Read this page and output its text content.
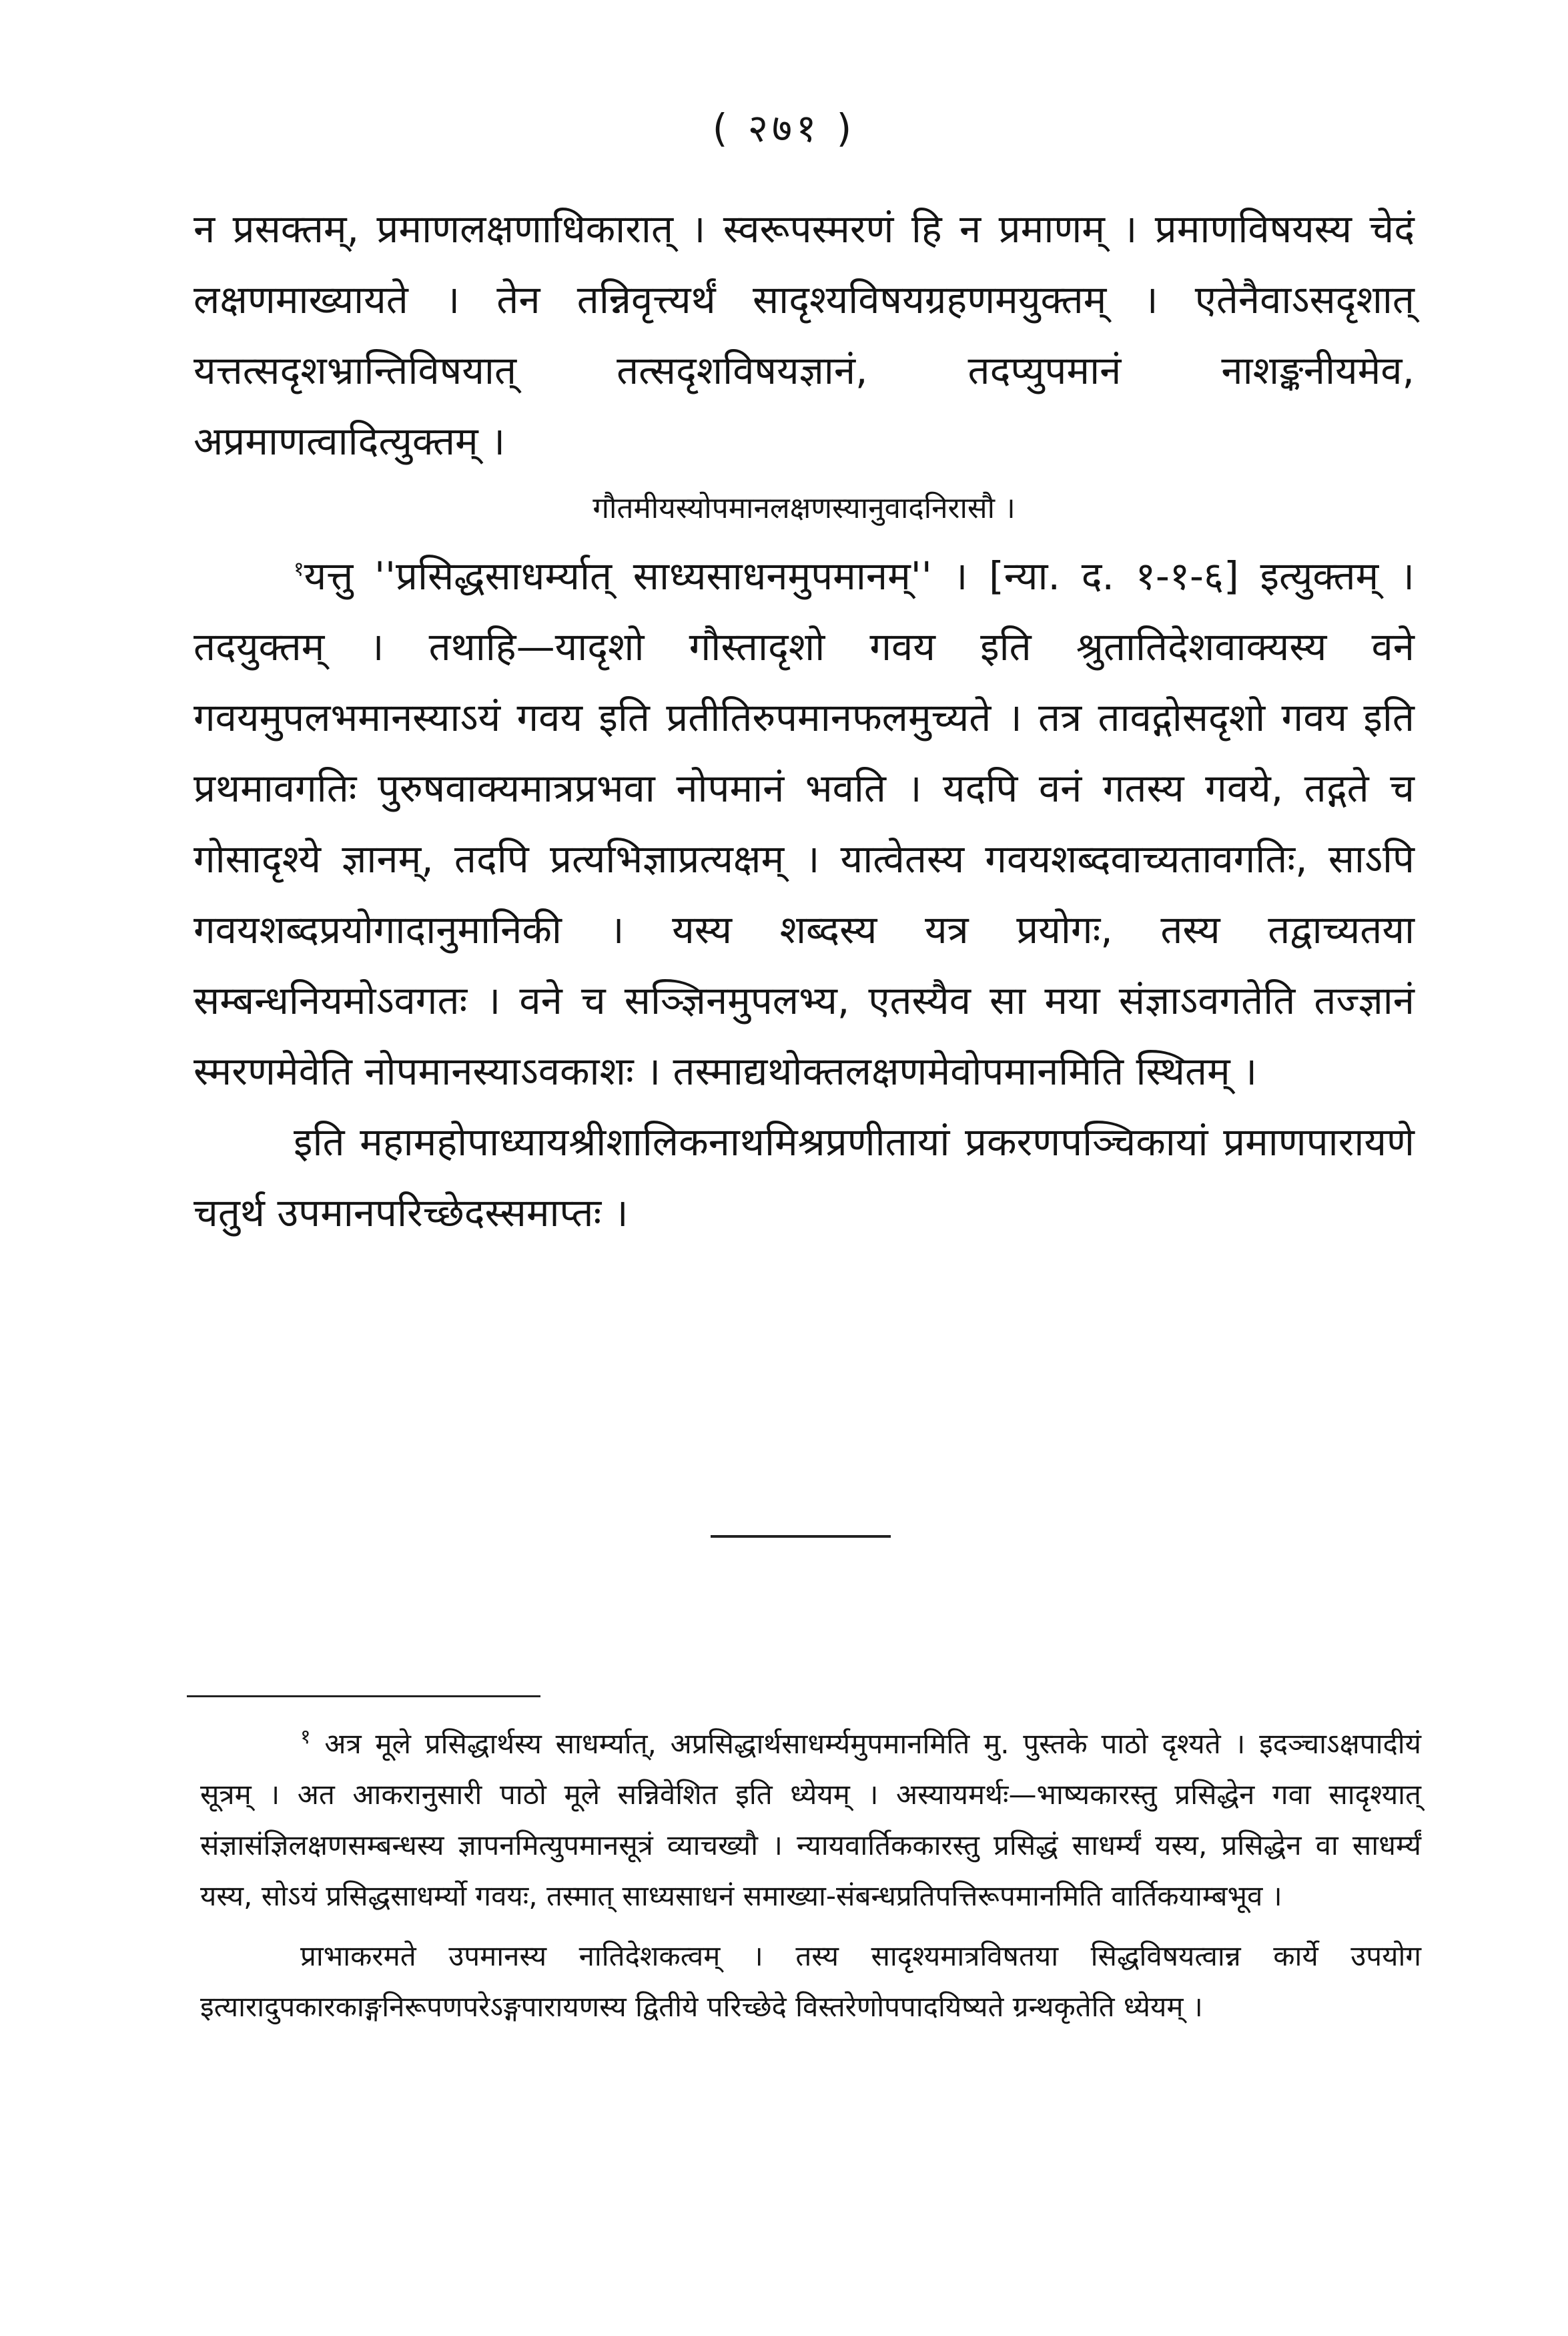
( २७१ )

न प्रसक्तम्, प्रमाणलक्षणाधिकारात् । स्वरूपस्मरणं हि न प्रमाणम् । प्रमाणविषयस्य चेदं लक्षणमाख्यायते । तेन तन्निवृत्त्यर्थं सादृश्यविषयग्रहणमयुक्तम् । एतेनैवाऽसदृशात् यत्तत्सदृशभ्रान्तिविषयात् तत्सदृशविषयज्ञानं, तदप्युपमानं नाशङ्कनीयमेव, अप्रमाणत्वादित्युक्तम् ।

गौतमीयस्योपमानलक्षणस्यानुवादनिरासौ ।

$^१$यत्तु ''प्रसिद्धसाधर्म्यात् साध्यसाधनमुपमानम्'' । [न्या. द. १-१-६] इत्युक्तम् । तदयुक्तम् । तथाहि—यादृशो गौस्तादृशो गवय इति श्रुतातिदेशवाक्यस्य वने गवयमुपलभमानस्याऽयं गवय इति प्रतीतिरुपमानफलमुच्यते । तत्र तावद्गोसदृशो गवय इति प्रथमावगतिः पुरुषवाक्यमात्रप्रभवा नोपमानं भवति । यदपि वनं गतस्य गवये, तद्गते च गोसादृश्ये ज्ञानम्, तदपि प्रत्यभिज्ञाप्रत्यक्षम् । यात्वेतस्य गवयशब्दवाच्यतावगतिः, साऽपि गवयशब्दप्रयोगादानुमानिकी । यस्य शब्दस्य यत्र प्रयोगः, तस्य तद्वाच्यतया सम्बन्धनियमोऽवगतः । वने च सञ्ज्ञिनमुपलभ्य, एतस्यैव सा मया संज्ञाऽवगतेति तज्ज्ञानं स्मरणमेवेति नोपमानस्याऽवकाशः । तस्माद्यथोक्तलक्षणमेवोपमानमिति स्थितम् ।

इति महामहोपाध्यायश्रीशालिकनाथमिश्रप्रणीतायां प्रकरणपञ्चिकायां प्रमाणपारायणे चतुर्थ उपमानपरिच्छेदस्समाप्तः ।

$^१$ अत्र मूले प्रसिद्धार्थस्य साधर्म्यात्, अप्रसिद्धार्थसाधर्म्यमुपमानमिति मु. पुस्तके पाठो दृश्यते । इदञ्चाऽक्षपादीयं सूत्रम् । अत आकरानुसारी पाठो मूले सन्निवेशित इति ध्येयम् । अस्यायमर्थः—भाष्यकारस्तु प्रसिद्धेन गवा सादृश्यात् संज्ञासंज्ञिलक्षणसम्बन्धस्य ज्ञापनमित्युपमानसूत्रं व्याचख्यौ । न्यायवार्तिककारस्तु प्रसिद्धं साधर्म्यं यस्य, प्रसिद्धेन वा साधर्म्यं यस्य, सोऽयं प्रसिद्धसाधर्म्यो गवयः, तस्मात् साध्यसाधनं समाख्या-संबन्धप्रतिपत्तिरूपमानमिति वार्तिकयाम्बभूव ।

प्राभाकरमते उपमानस्य नातिदेशकत्वम् । तस्य सादृश्यमात्रविषतया सिद्धविषयत्वान्न कार्ये उपयोग इत्यारादुपकारकाङ्गनिरूपणपरेऽङ्गपारायणस्य द्वितीये परिच्छेदे विस्तरेणोपपादयिष्यते ग्रन्थकृतेति ध्येयम् ।
